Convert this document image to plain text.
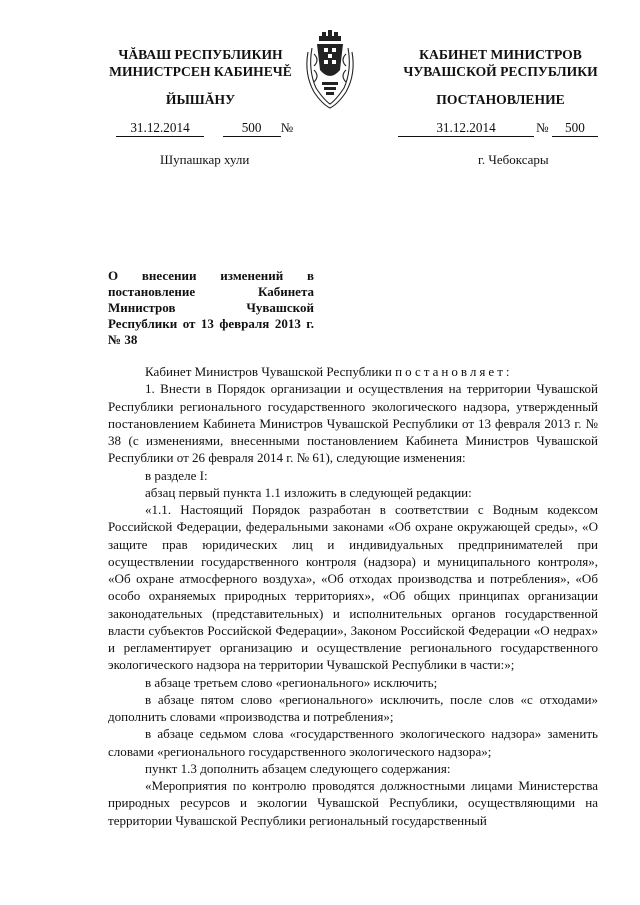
ЧĂВАШ РЕСПУБЛИКИН
МИНИСТРСЕН КАБИНЕЧĚ
ЙЫШĂНУ
КАБИНЕТ МИНИСТРОВ
ЧУВАШСКОЙ РЕСПУБЛИКИ
ПОСТАНОВЛЕНИЕ
31.12.2014	500 №	31.12.2014	№ 500
Шупашкар хули	г. Чебоксары
О внесении изменений в постановление Кабинета Министров Чувашской Республики от 13 февраля 2013 г. № 38

Кабинет Министров Чувашской Республики постановляет:

1. Внести в Порядок организации и осуществления на территории Чувашской Республики регионального государственного экологического надзора, утвержденный постановлением Кабинета Министров Чувашской Республики от 13 февраля 2013 г. № 38 (с изменениями, внесенными постановлением Кабинета Министров Чувашской Республики от 26 февраля 2014 г. № 61), следующие изменения:

в разделе I:

абзац первый пункта 1.1 изложить в следующей редакции:

«1.1. Настоящий Порядок разработан в соответствии с Водным кодексом Российской Федерации, федеральными законами «Об охране окружающей среды», «О защите прав юридических лиц и индивидуальных предпринимателей при осуществлении государственного контроля (надзора) и муниципального контроля», «Об охране атмосферного воздуха», «Об отходах производства и потребления», «Об особо охраняемых природных территориях», «Об общих принципах организации законодательных (представительных) и исполнительных органов государственной власти субъектов Российской Федерации», Законом Российской Федерации «О недрах» и регламентирует организацию и осуществление регионального государственного экологического надзора на территории Чувашской Республики в части:»;

в абзаце третьем слово «регионального» исключить;

в абзаце пятом слово «регионального» исключить, после слов «с отходами» дополнить словами «производства и потребления»;

в абзаце седьмом слова «государственного экологического надзора» заменить словами «регионального государственного экологического надзора»;

пункт 1.3 дополнить абзацем следующего содержания:

«Мероприятия по контролю проводятся должностными лицами Министерства природных ресурсов и экологии Чувашской Республики, осуществляющими на территории Чувашской Республики региональный государственный
